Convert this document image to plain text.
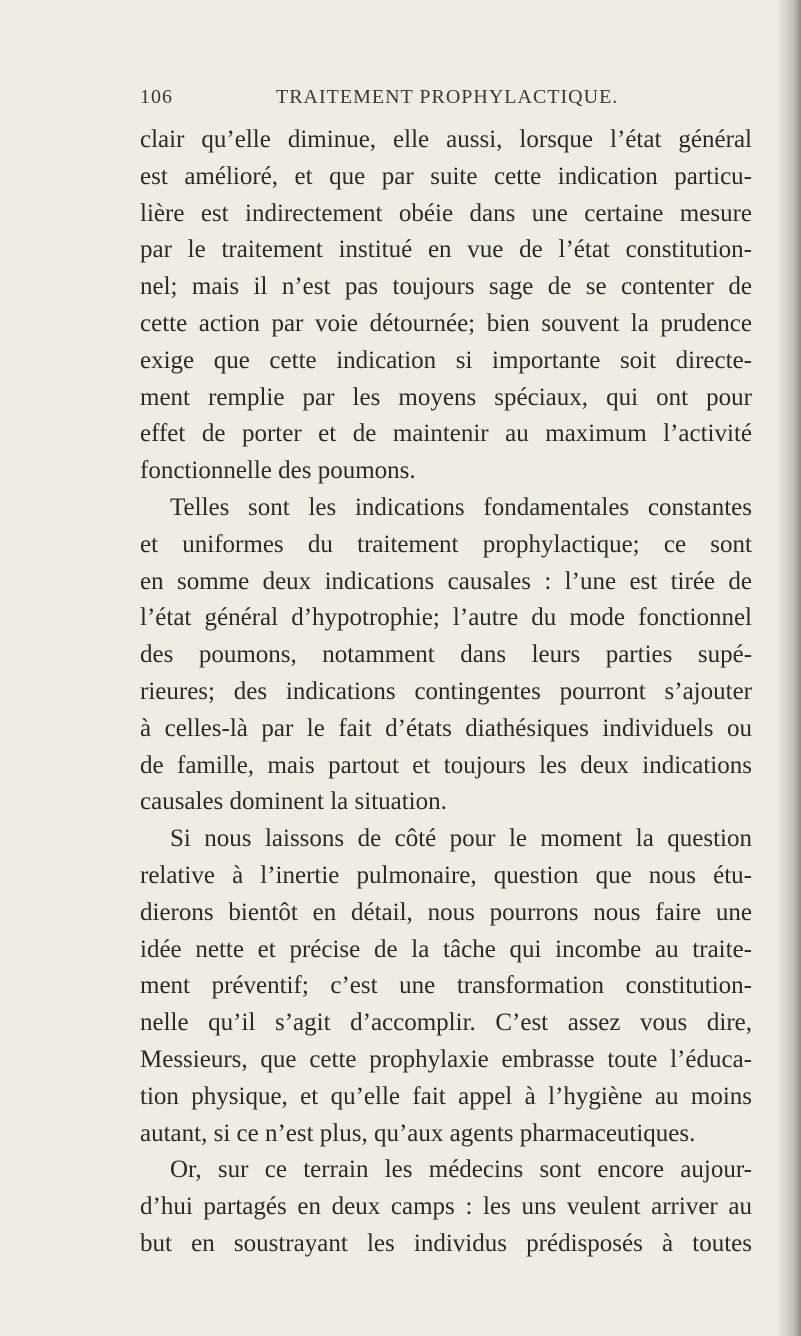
106	TRAITEMENT PROPHYLACTIQUE.
clair qu’elle diminue, elle aussi, lorsque l’état général
est amélioré, et que par suite cette indication particu-
lière est indirectement obéie dans une certaine mesure
par le traitement institué en vue de l’état constitution-
nel; mais il n’est pas toujours sage de se contenter de
cette action par voie détournée; bien souvent la prudence
exige que cette indication si importante soit directe-
ment remplie par les moyens spéciaux, qui ont pour
effet de porter et de maintenir au maximum l’activité
fonctionnelle des poumons.
Telles sont les indications fondamentales constantes
et uniformes du traitement prophylactique; ce sont
en somme deux indications causales : l’une est tirée de
l’état général d’hypotrophie; l’autre du mode fonctionnel
des poumons, notamment dans leurs parties supé-
rieures; des indications contingentes pourront s’ajouter
à celles-là par le fait d’états diathésiques individuels ou
de famille, mais partout et toujours les deux indications
causales dominent la situation.
Si nous laissons de côté pour le moment la question
relative à l’inertie pulmonaire, question que nous étu-
dierons bientôt en détail, nous pourrons nous faire une
idée nette et précise de la tâche qui incombe au traite-
ment préventif; c’est une transformation constitution-
nelle qu’il s’agit d’accomplir. C’est assez vous dire,
Messieurs, que cette prophylaxie embrasse toute l’éduca-
tion physique, et qu’elle fait appel à l’hygiène au moins
autant, si ce n’est plus, qu’aux agents pharmaceutiques.
Or, sur ce terrain les médecins sont encore aujour-
d’hui partagés en deux camps : les uns veulent arriver au
but en soustrayant les individus prédisposés à toutes
